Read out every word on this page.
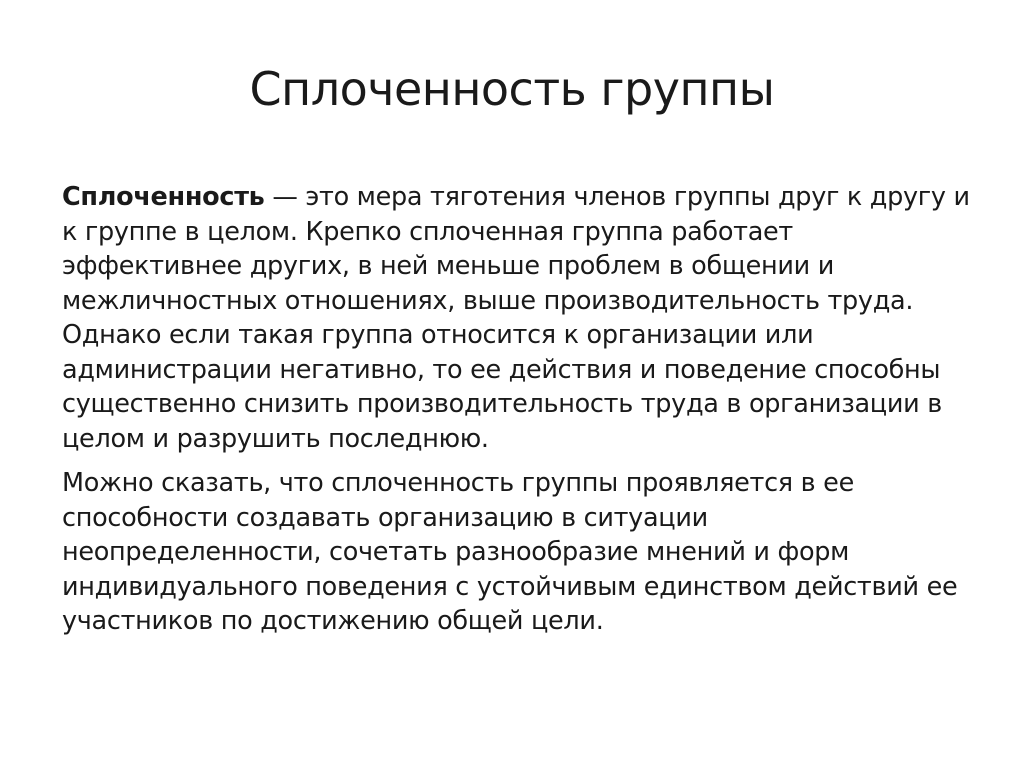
Сплоченность группы

Сплоченность — это мера тяготения членов группы друг к другу и к группе в целом. Крепко сплоченная группа работает эффективнее других, в ней меньше проблем в общении и межличностных отношениях, выше производительность труда. Однако если такая группа относится к организации или администрации негативно, то ее действия и поведение способны существенно снизить производительность труда в организации в целом и разрушить последнюю.

Можно сказать, что сплоченность группы проявляется в ее способности создавать организацию в ситуации неопределенности, сочетать разнообразие мнений и форм индивидуального поведения с устойчивым единством действий ее участников по достижению общей цели.
